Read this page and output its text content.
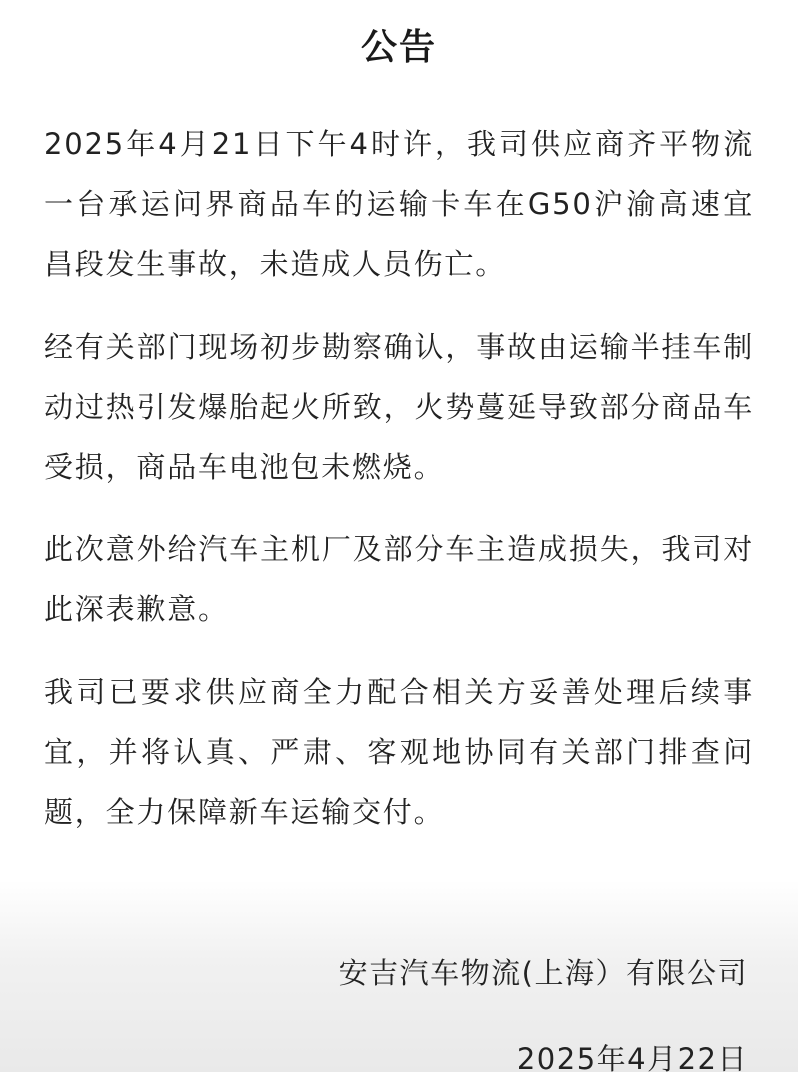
公告

2025年4月21日下午4时许，我司供应商齐平物流一台承运问界商品车的运输卡车在G50沪渝高速宜昌段发生事故，未造成人员伤亡。

经有关部门现场初步勘察确认，事故由运输半挂车制动过热引发爆胎起火所致，火势蔓延导致部分商品车受损，商品车电池包未燃烧。

此次意外给汽车主机厂及部分车主造成损失，我司对此深表歉意。

我司已要求供应商全力配合相关方妥善处理后续事宜，并将认真、严肃、客观地协同有关部门排查问题，全力保障新车运输交付。

安吉汽车物流(上海）有限公司
2025年4月22日
